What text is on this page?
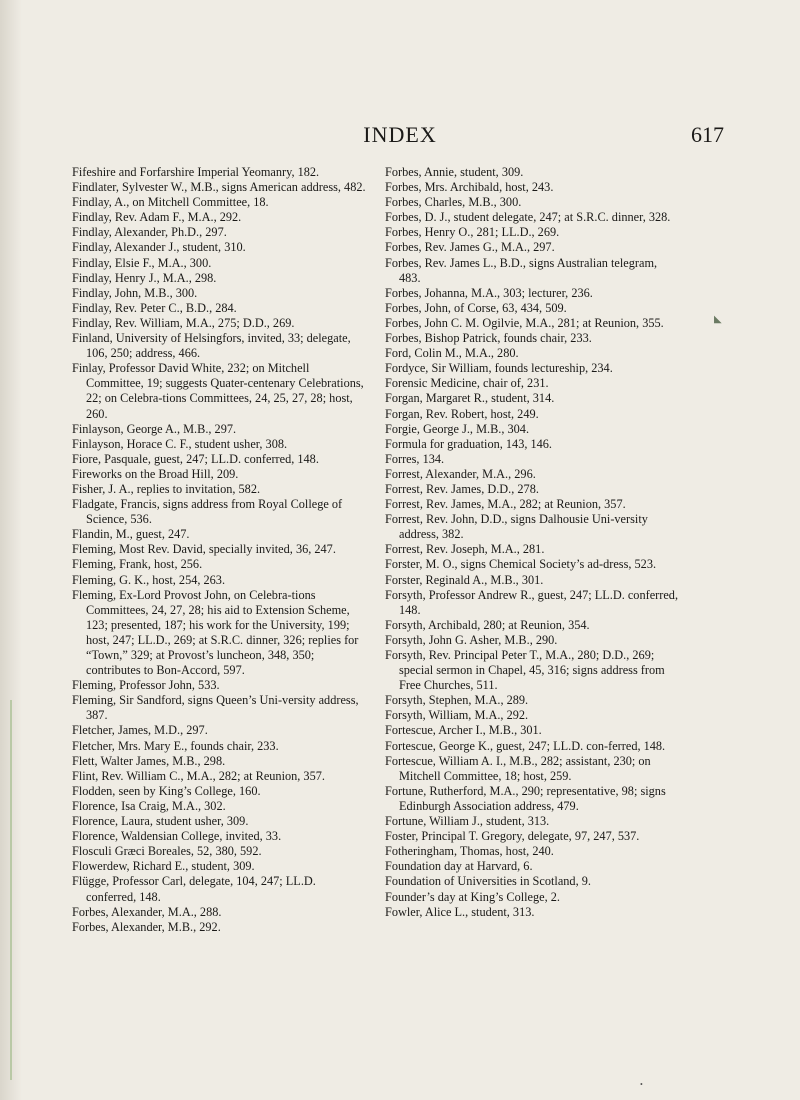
INDEX	617

Fifeshire and Forfarshire Imperial Yeomanry, 182.

Findlater, Sylvester W., M.B., signs American address, 482.

Findlay, A., on Mitchell Committee, 18.

Findlay, Rev. Adam F., M.A., 292.

Findlay, Alexander, Ph.D., 297.

Findlay, Alexander J., student, 310.

Findlay, Elsie F., M.A., 300.

Findlay, Henry J., M.A., 298.

Findlay, John, M.B., 300.

Findlay, Rev. Peter C., B.D., 284.

Findlay, Rev. William, M.A., 275; D.D., 269.

Finland, University of Helsingfors, invited, 33; delegate, 106, 250; address, 466.

Finlay, Professor David White, 232; on Mitchell Committee, 19; suggests Quater-centenary Celebrations, 22; on Celebra-tions Committees, 24, 25, 27, 28; host, 260.

Finlayson, George A., M.B., 297.

Finlayson, Horace C. F., student usher, 308.

Fiore, Pasquale, guest, 247; LL.D. conferred, 148.

Fireworks on the Broad Hill, 209.

Fisher, J. A., replies to invitation, 582.

Fladgate, Francis, signs address from Royal College of Science, 536.

Flandin, M., guest, 247.

Fleming, Most Rev. David, specially invited, 36, 247.

Fleming, Frank, host, 256.

Fleming, G. K., host, 254, 263.

Fleming, Ex-Lord Provost John, on Celebra-tions Committees, 24, 27, 28; his aid to Extension Scheme, 123; presented, 187; his work for the University, 199; host, 247; LL.D., 269; at S.R.C. dinner, 326; replies for “Town,” 329; at Provost’s luncheon, 348, 350; contributes to Bon-Accord, 597.

Fleming, Professor John, 533.

Fleming, Sir Sandford, signs Queen’s Uni-versity address, 387.

Fletcher, James, M.D., 297.

Fletcher, Mrs. Mary E., founds chair, 233.

Flett, Walter James, M.B., 298.

Flint, Rev. William C., M.A., 282; at Reunion, 357.

Flodden, seen by King’s College, 160.

Florence, Isa Craig, M.A., 302.

Florence, Laura, student usher, 309.

Florence, Waldensian College, invited, 33.

Flosculi Græci Boreales, 52, 380, 592.

Flowerdew, Richard E., student, 309.

Flügge, Professor Carl, delegate, 104, 247; LL.D. conferred, 148.

Forbes, Alexander, M.A., 288.

Forbes, Alexander, M.B., 292.

Forbes, Annie, student, 309.

Forbes, Mrs. Archibald, host, 243.

Forbes, Charles, M.B., 300.

Forbes, D. J., student delegate, 247; at S.R.C. dinner, 328.

Forbes, Henry O., 281; LL.D., 269.

Forbes, Rev. James G., M.A., 297.

Forbes, Rev. James L., B.D., signs Australian telegram, 483.

Forbes, Johanna, M.A., 303; lecturer, 236.

Forbes, John, of Corse, 63, 434, 509.

Forbes, John C. M. Ogilvie, M.A., 281; at Reunion, 355.

Forbes, Bishop Patrick, founds chair, 233.

Ford, Colin M., M.A., 280.

Fordyce, Sir William, founds lectureship, 234.

Forensic Medicine, chair of, 231.

Forgan, Margaret R., student, 314.

Forgan, Rev. Robert, host, 249.

Forgie, George J., M.B., 304.

Formula for graduation, 143, 146.

Forres, 134.

Forrest, Alexander, M.A., 296.

Forrest, Rev. James, D.D., 278.

Forrest, Rev. James, M.A., 282; at Reunion, 357.

Forrest, Rev. John, D.D., signs Dalhousie Uni-versity address, 382.

Forrest, Rev. Joseph, M.A., 281.

Forster, M. O., signs Chemical Society’s ad-dress, 523.

Forster, Reginald A., M.B., 301.

Forsyth, Professor Andrew R., guest, 247; LL.D. conferred, 148.

Forsyth, Archibald, 280; at Reunion, 354.

Forsyth, John G. Asher, M.B., 290.

Forsyth, Rev. Principal Peter T., M.A., 280; D.D., 269; special sermon in Chapel, 45, 316; signs address from Free Churches, 511.

Forsyth, Stephen, M.A., 289.

Forsyth, William, M.A., 292.

Fortescue, Archer I., M.B., 301.

Fortescue, George K., guest, 247; LL.D. con-ferred, 148.

Fortescue, William A. I., M.B., 282; assistant, 230; on Mitchell Committee, 18; host, 259.

Fortune, Rutherford, M.A., 290; representative, 98; signs Edinburgh Association address, 479.

Fortune, William J., student, 313.

Foster, Principal T. Gregory, delegate, 97, 247, 537.

Fotheringham, Thomas, host, 240.

Foundation day at Harvard, 6.

Foundation of Universities in Scotland, 9.

Founder’s day at King’s College, 2.

Fowler, Alice L., student, 313.

◣
•
